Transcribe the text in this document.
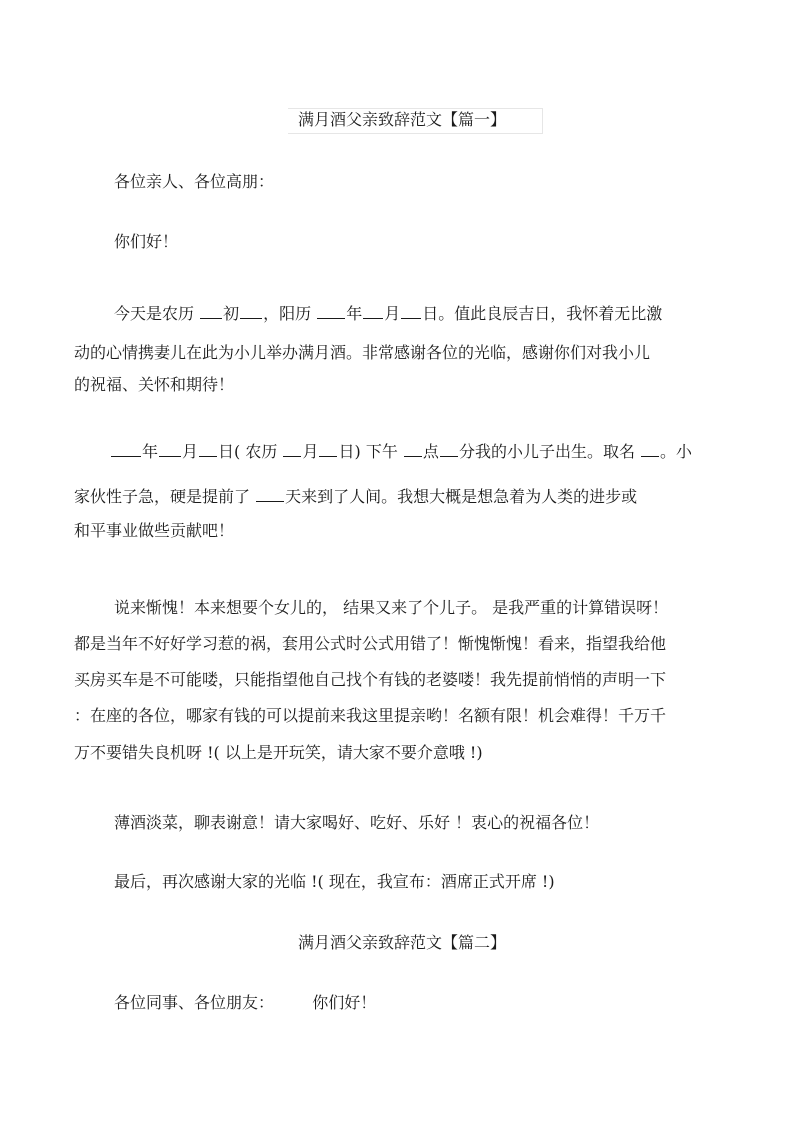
满月酒父亲致辞范文【篇一】
各位亲人、各位高朋：
你们好！
今天是农历 初 ，阳历 年 月 日。值此良辰吉日，我怀着无比激
动的心情携妻儿在此为小儿举办满月酒。非常感谢各位的光临，感谢你们对我小儿
的祝福、关怀和期待！
年 月 日( 农历 月 日) 下午 点 分我的小儿子出生。取名 。小
家伙性子急，硬是提前了 天来到了人间。我想大概是想急着为人类的进步或
和平事业做些贡献吧！
说来惭愧！本来想要个女儿的， 结果又来了个儿子。 是我严重的计算错误呀！
都是当年不好好学习惹的祸，套用公式时公式用错了！惭愧惭愧！看来，指望我给他
买房买车是不可能喽，只能指望他自己找个有钱的老婆喽！我先提前悄悄的声明一下
：在座的各位，哪家有钱的可以提前来我这里提亲哟！名额有限！机会难得！千万千
万不要错失良机呀 !( 以上是开玩笑，请大家不要介意哦 !)
薄酒淡菜，聊表谢意！请大家喝好、吃好、乐好 ！衷心的祝福各位！
最后，再次感谢大家的光临 !( 现在，我宣布：酒席正式开席 !)
满月酒父亲致辞范文【篇二】
各位同事、各位朋友： 你们好！
